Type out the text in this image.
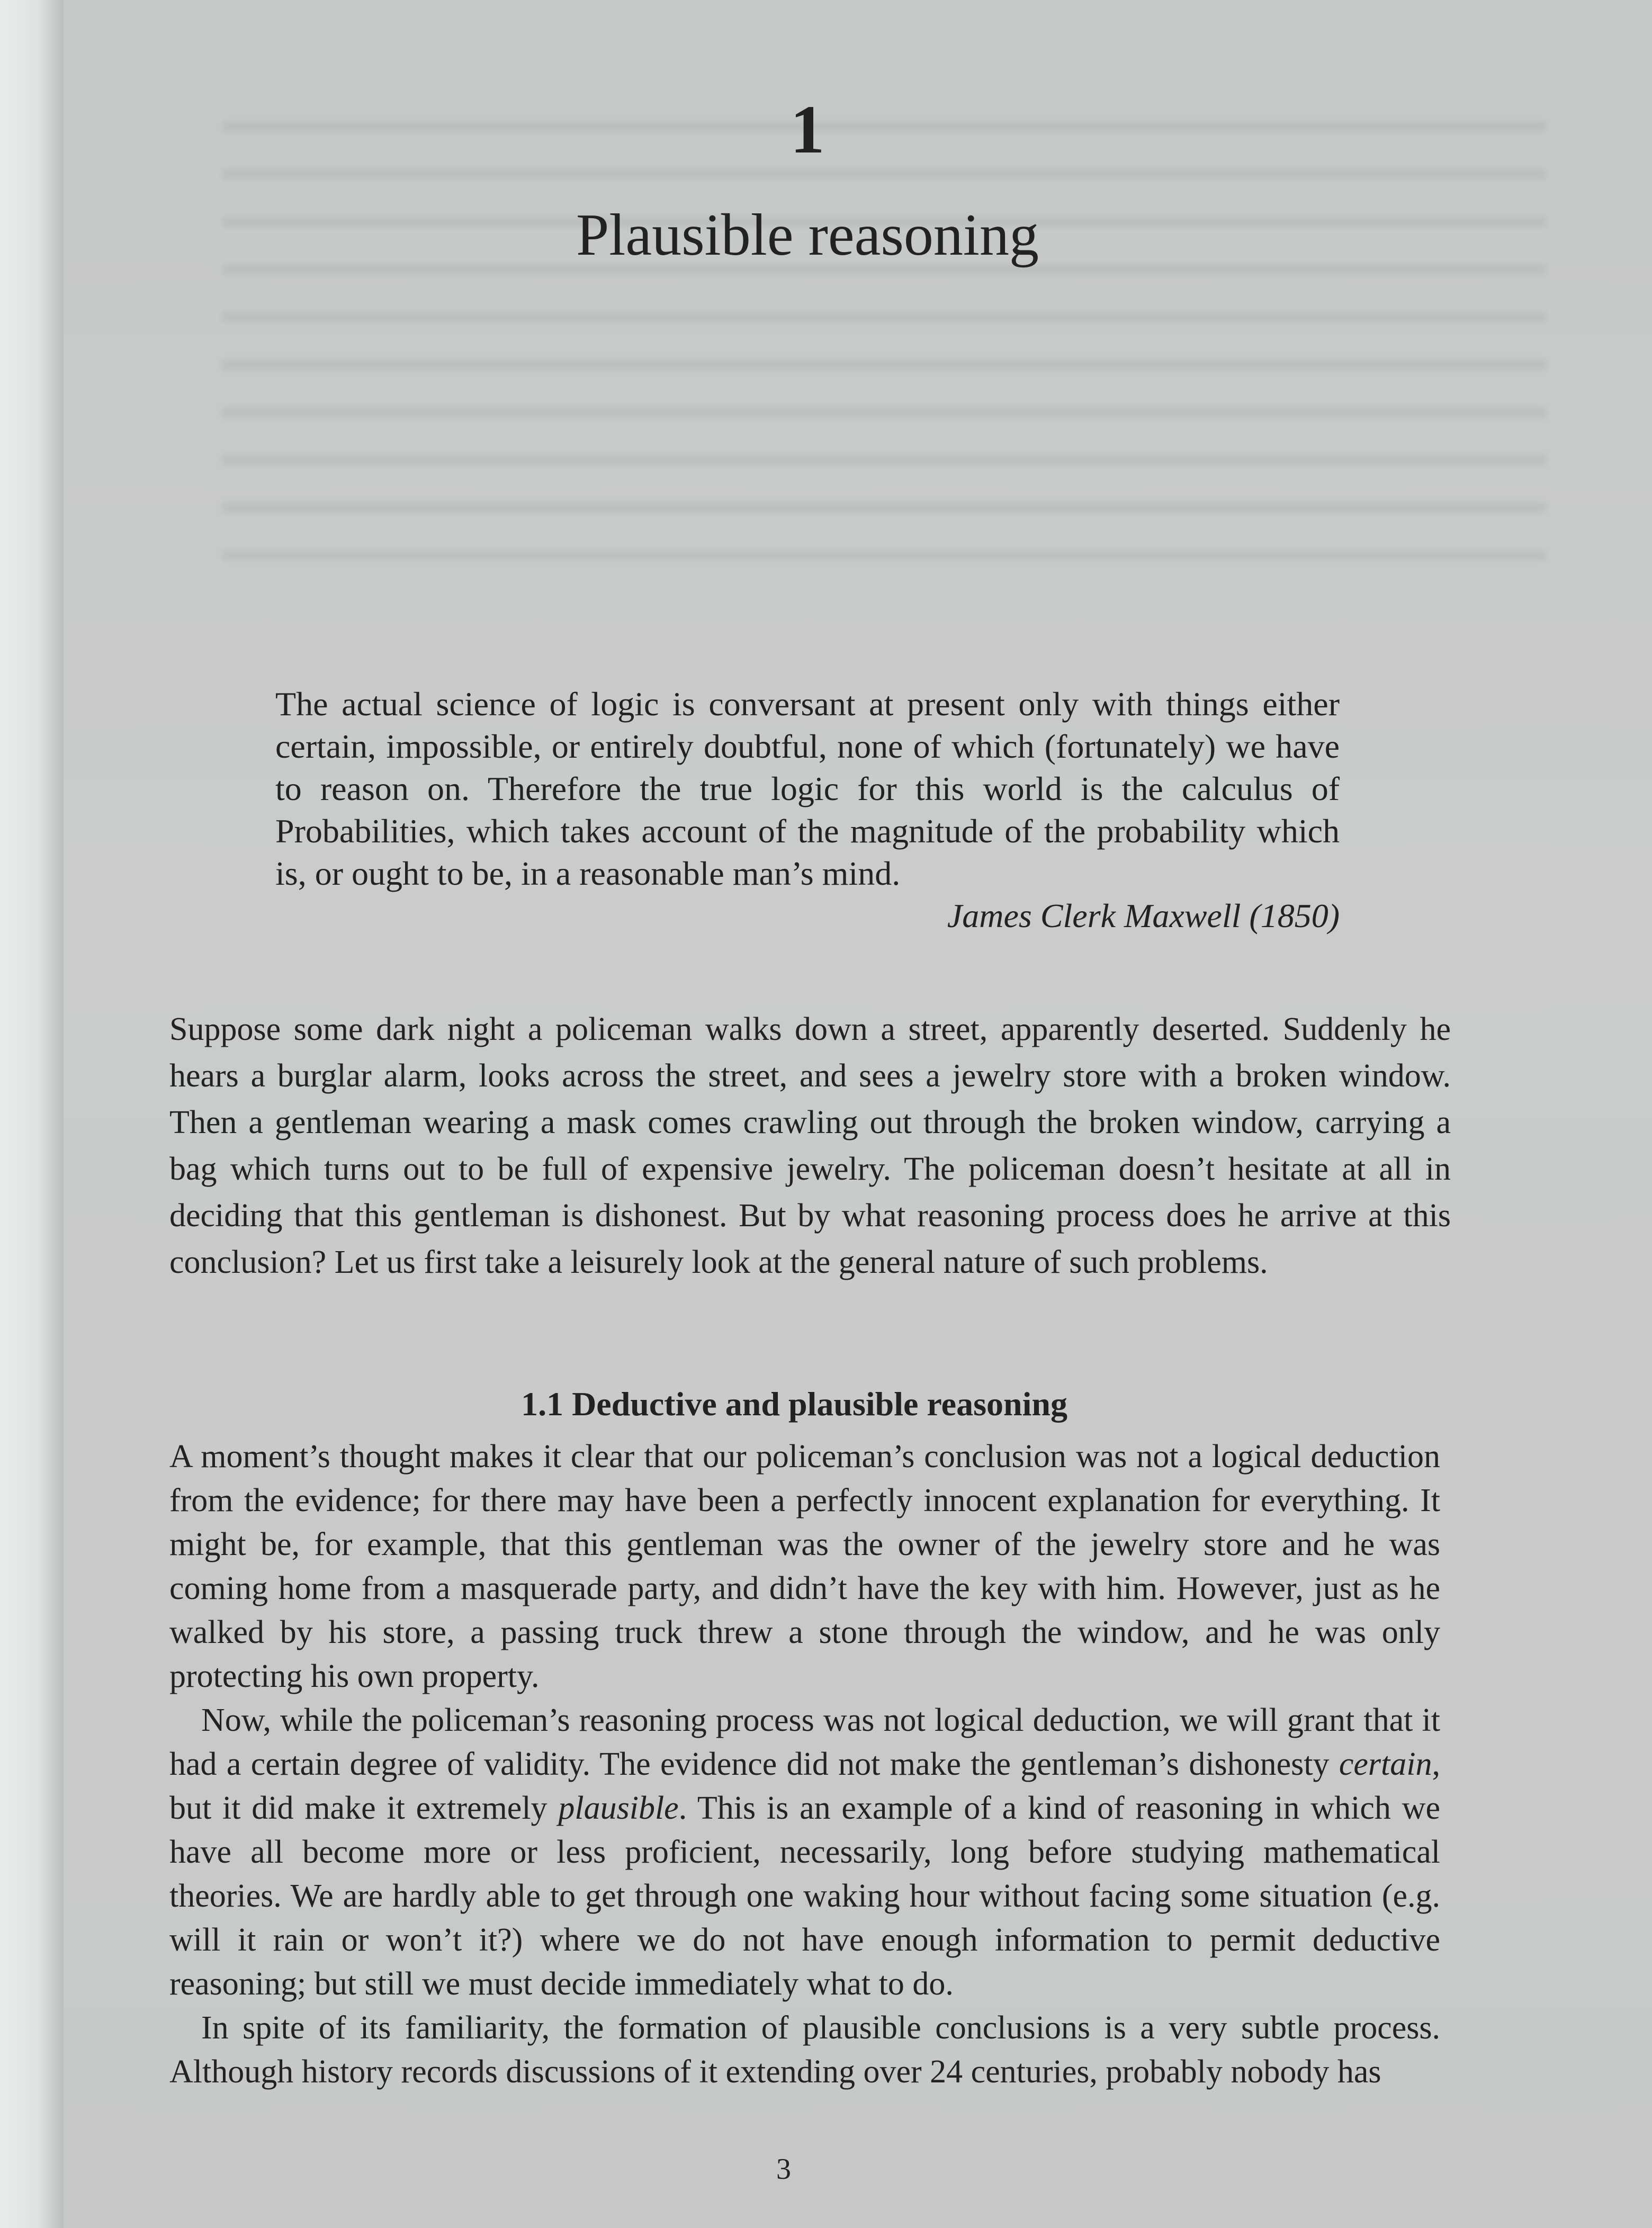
1
Plausible reasoning
The actual science of logic is conversant at present only with things either certain, impossible, or entirely doubtful, none of which (fortunately) we have to reason on. Therefore the true logic for this world is the calculus of Probabilities, which takes account of the magnitude of the probability which is, or ought to be, in a reasonable man’s mind.
James Clerk Maxwell (1850)

Suppose some dark night a policeman walks down a street, apparently deserted. Suddenly he hears a burglar alarm, looks across the street, and sees a jewelry store with a broken window. Then a gentleman wearing a mask comes crawling out through the broken window, carrying a bag which turns out to be full of expensive jewelry. The policeman doesn’t hesitate at all in deciding that this gentleman is dishonest. But by what reasoning process does he arrive at this conclusion? Let us first take a leisurely look at the general nature of such problems.

1.1 Deductive and plausible reasoning

A moment’s thought makes it clear that our policeman’s conclusion was not a logical deduction from the evidence; for there may have been a perfectly innocent explanation for everything. It might be, for example, that this gentleman was the owner of the jewelry store and he was coming home from a masquerade party, and didn’t have the key with him. However, just as he walked by his store, a passing truck threw a stone through the window, and he was only protecting his own property.

Now, while the policeman’s reasoning process was not logical deduction, we will grant that it had a certain degree of validity. The evidence did not make the gentleman’s dishonesty certain, but it did make it extremely plausible. This is an example of a kind of reasoning in which we have all become more or less proficient, necessarily, long before studying mathematical theories. We are hardly able to get through one waking hour without facing some situation (e.g. will it rain or won’t it?) where we do not have enough information to permit deductive reasoning; but still we must decide immediately what to do.

In spite of its familiarity, the formation of plausible conclusions is a very subtle process. Although history records discussions of it extending over 24 centuries, probably nobody has

3
